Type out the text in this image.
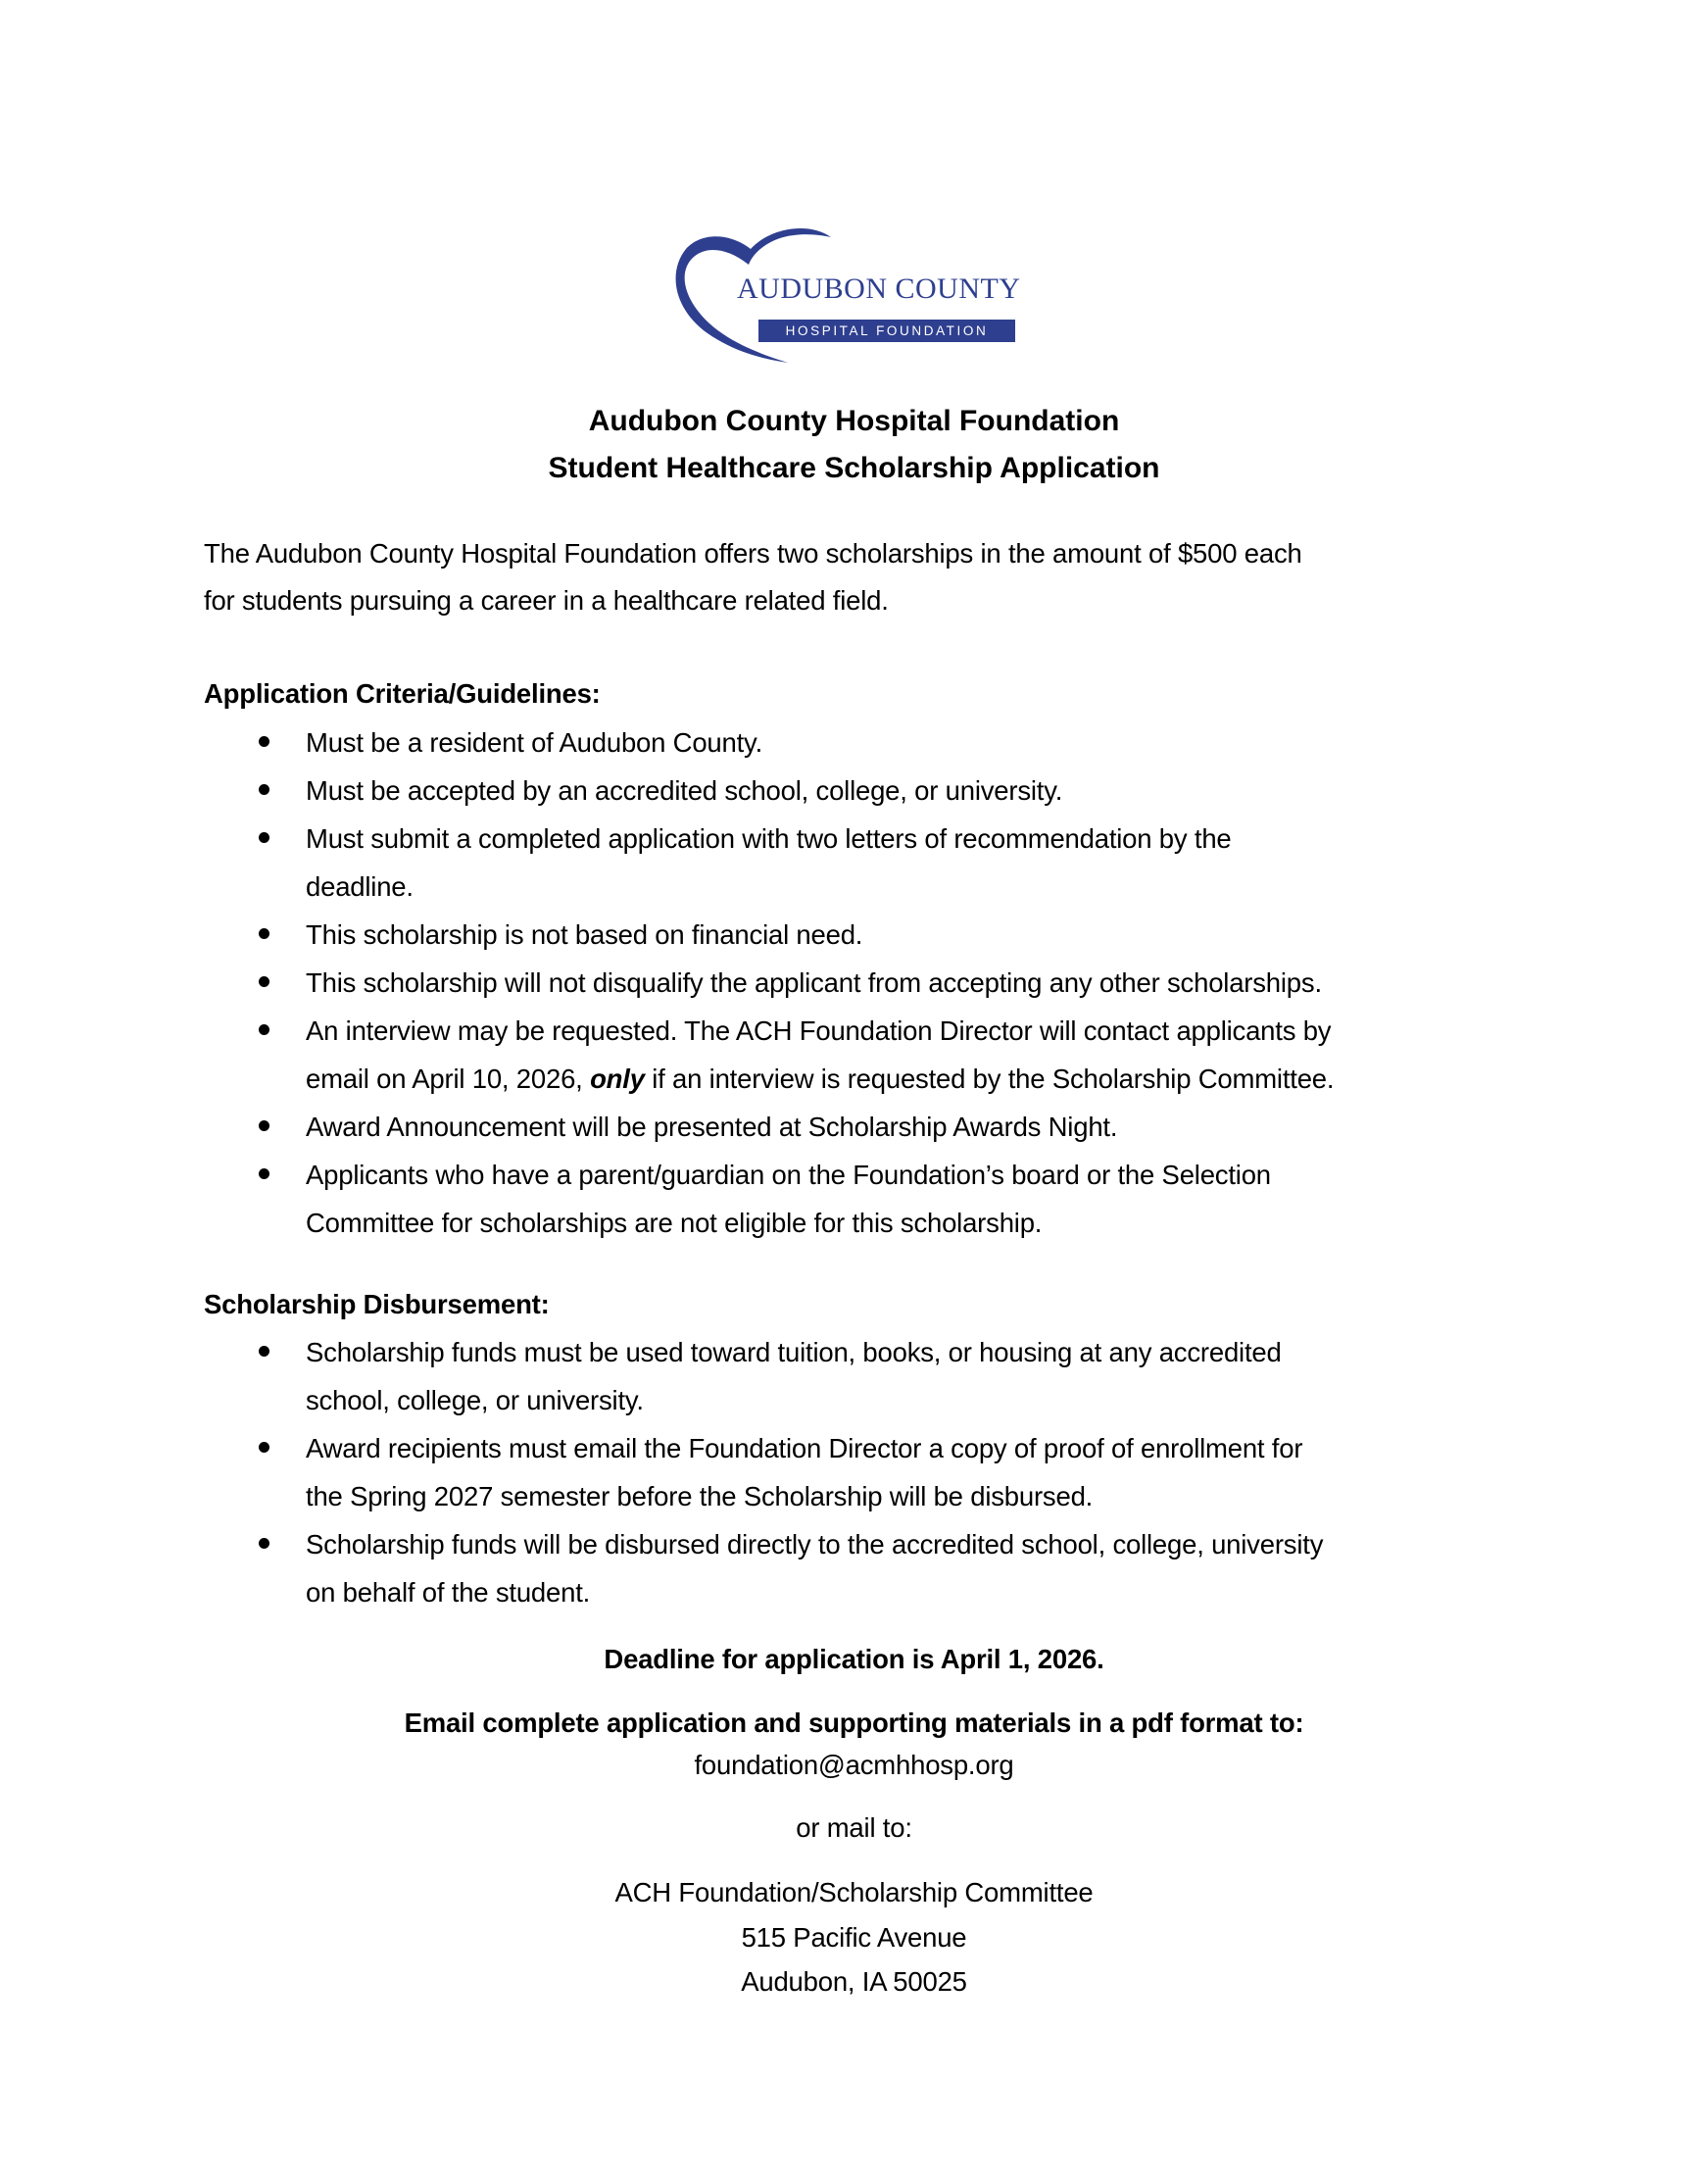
AUDUBON COUNTY
HOSPITAL FOUNDATION
Audubon County Hospital Foundation
Student Healthcare Scholarship Application
The Audubon County Hospital Foundation offers two scholarships in the amount of $500 each
for students pursuing a career in a healthcare related field.
Application Criteria/Guidelines:
Must be a resident of Audubon County.
Must be accepted by an accredited school, college, or university.
Must submit a completed application with two letters of recommendation by the
deadline.
This scholarship is not based on financial need.
This scholarship will not disqualify the applicant from accepting any other scholarships.
An interview may be requested. The ACH Foundation Director will contact applicants by
email on April 10, 2026, only if an interview is requested by the Scholarship Committee.
Award Announcement will be presented at Scholarship Awards Night.
Applicants who have a parent/guardian on the Foundation’s board or the Selection
Committee for scholarships are not eligible for this scholarship.
Scholarship Disbursement:
Scholarship funds must be used toward tuition, books, or housing at any accredited
school, college, or university.
Award recipients must email the Foundation Director a copy of proof of enrollment for
the Spring 2027 semester before the Scholarship will be disbursed.
Scholarship funds will be disbursed directly to the accredited school, college, university
on behalf of the student.
Deadline for application is April 1, 2026.
Email complete application and supporting materials in a pdf format to:
foundation@acmhhosp.org
or mail to:
ACH Foundation/Scholarship Committee
515 Pacific Avenue
Audubon, IA 50025
